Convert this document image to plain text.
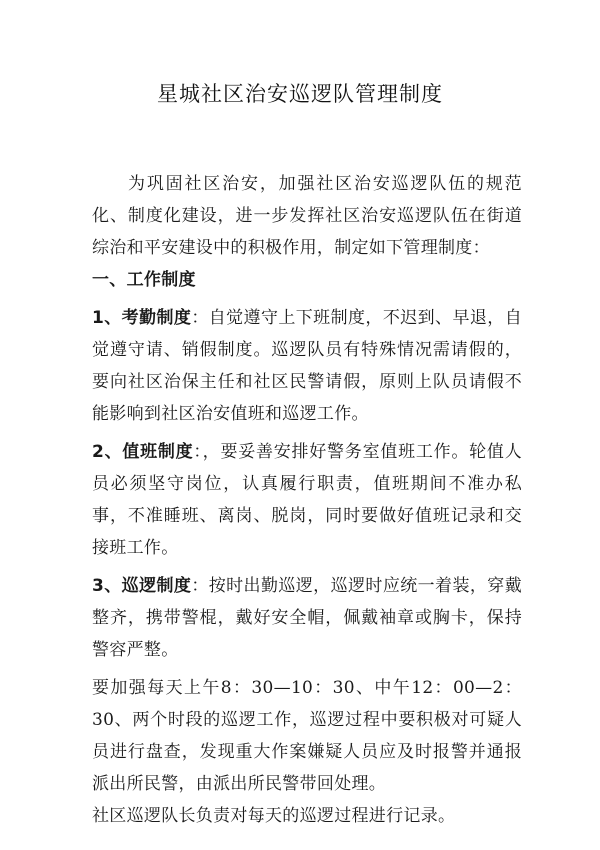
星城社区治安巡逻队管理制度

为巩固社区治安，加强社区治安巡逻队伍的规范化、制度化建设，进一步发挥社区治安巡逻队伍在街道综治和平安建设中的积极作用，制定如下管理制度：

一、工作制度

1、考勤制度：自觉遵守上下班制度，不迟到、早退，自觉遵守请、销假制度。巡逻队员有特殊情况需请假的，要向社区治保主任和社区民警请假，原则上队员请假不能影响到社区治安值班和巡逻工作。

2、值班制度：，要妥善安排好警务室值班工作。轮值人员必须坚守岗位，认真履行职责，值班期间不准办私事，不准睡班、离岗、脱岗，同时要做好值班记录和交接班工作。

3、巡逻制度：按时出勤巡逻，巡逻时应统一着装，穿戴整齐，携带警棍，戴好安全帽，佩戴袖章或胸卡，保持警容严整。

要加强每天上午8：30—10：30、中午12：00—2：30、两个时段的巡逻工作，巡逻过程中要积极对可疑人员进行盘查，发现重大作案嫌疑人员应及时报警并通报派出所民警，由派出所民警带回处理。

社区巡逻队长负责对每天的巡逻过程进行记录。
